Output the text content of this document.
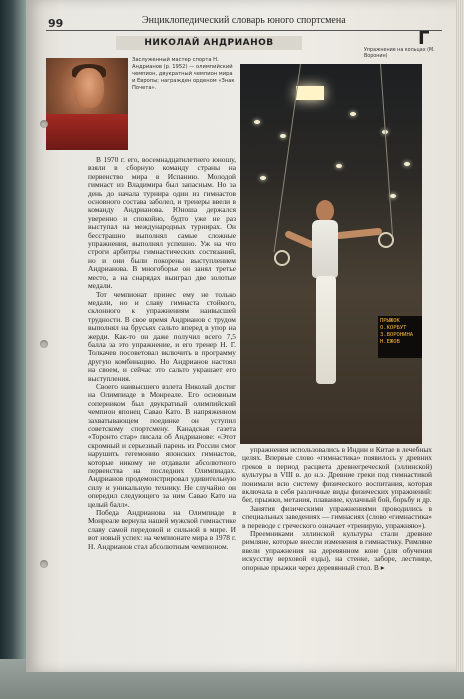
99	Энциклопедический словарь юного спортсмена
Г
НИКОЛАЙ АНДРИАНОВ
Упражнение на кольцах (М. Воронин)
Заслуженный мастер спорта Н. Андрианов (р. 1952) — олимпийский чемпион, двукратный чемпион мира и Европы; награжден орденом «Знак Почета».
ПРЫЖОК
О.КОРБУТ
З.ВОРОНИНА
Н.ЕЖОВ

В 1970 г. его, восемнадцатилетнего юношу, взяли в сборную команду страны на первенство мира в Испанию. Молодой гимнаст из Владимира был запасным. Но за день до начала турнира один из гимнастов основного состава заболел, и тренеры ввели в команду Андрианова. Юноша держался уверенно и спокойно, будто уже не раз выступал на международных турнирах. Он бесстрашно выполнял самые сложные упражнения, выполнял успешно. Уж на что строги арбитры гимнастических состязаний, но и они были покорены выступлением Андрианова. В многоборье он занял третье место, а на снарядах выиграл две золотые медали.

Тот чемпионат принес ему не только медали, но и славу гимнаста стойкого, склонного к упражнениям наивысшей трудности. В свое время Андрианов с трудом выполнял на брусьях сальто вперед в упор на жерди. Как-то он даже получил всего 7,5 балла за это упражнение, и его тренер Н. Г. Толкачев посоветовал включить в программу другую комбинацию. Но Андрианов настоял на своем, и сейчас это сальто украшает его выступления.

Своего наивысшего взлета Николай достиг на Олимпиаде в Монреале. Его основным соперником был двукратный олимпийский чемпион японец Савао Като. В напряженном захватывающем поединке он уступил советскому спортсмену. Канадская газета «Торонто стар» писала об Андрианове: «Этот скромный и серьезный парень из России смог нарушить гегемонию японских гимнастов, которые никому не отдавали абсолютного первенства на последних Олимпиадах. Андрианов продемонстрировал удивительную силу и уникальную технику. Не случайно он опередил следующего за ним Савао Като на целый балл».

Победа Андрианова на Олимпиаде в Монреале вернула нашей мужской гимнастике славу самой передовой и сильной в мире. И вот новый успех: на чемпионате мира в 1978 г. Н. Андрианов стал абсолютным чемпионом.

упражнения использовались в Индии и Китае в лечебных целях. Впервые слово «гимнастика» появилось у древних греков в период расцвета древнегреческой (эллинской) культуры в VIII в. до н.э. Древние греки под гимнастикой понимали всю систему физического воспитания, которая включала в себя различные виды физических упражнений: бег, прыжки, метания, плавание, кулачный бой, борьбу и др.

Занятия физическими упражнениями проводились в специальных заведениях — гимнасиях (слово «гимнастика» в переводе с греческого означает «тренирую, упражняю»).

Преемниками эллинской культуры стали древние римляне, которые внесли изменения в гимнастику. Римляне ввели упражнения на деревянном коне (для обучения искусству верховой езды), на стенке, заборе, лестнице, опорные прыжки через деревянный стол. В ▸
